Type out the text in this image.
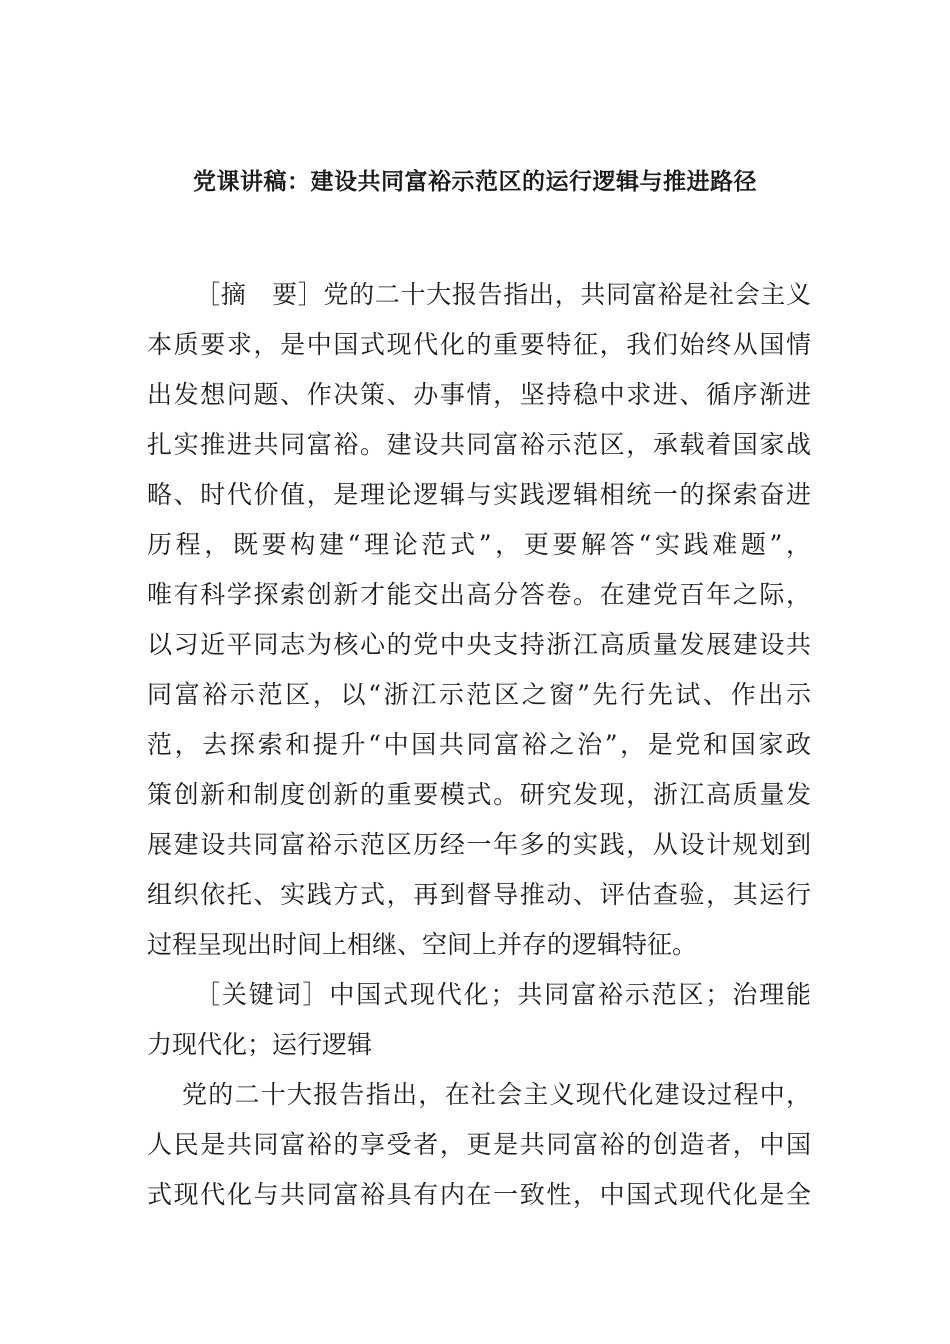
党课讲稿：建设共同富裕示范区的运行逻辑与推进路径
［摘　要］党的二十大报告指出，共同富裕是社会主义
本质要求，是中国式现代化的重要特征，我们始终从国情
出发想问题、作决策、办事情，坚持稳中求进、循序渐进
扎实推进共同富裕。建设共同富裕示范区，承载着国家战
略、时代价值，是理论逻辑与实践逻辑相统一的探索奋进
历程，既要构建“理论范式”，更要解答“实践难题”，
唯有科学探索创新才能交出高分答卷。在建党百年之际，
以习近平同志为核心的党中央支持浙江高质量发展建设共
同富裕示范区，以“浙江示范区之窗”先行先试、作出示
范，去探索和提升“中国共同富裕之治”，是党和国家政
策创新和制度创新的重要模式。研究发现，浙江高质量发
展建设共同富裕示范区历经一年多的实践，从设计规划到
组织依托、实践方式，再到督导推动、评估查验，其运行
过程呈现出时间上相继、空间上并存的逻辑特征。
［关键词］中国式现代化；共同富裕示范区；治理能
力现代化；运行逻辑
党的二十大报告指出，在社会主义现代化建设过程中，
人民是共同富裕的享受者，更是共同富裕的创造者，中国
式现代化与共同富裕具有内在一致性，中国式现代化是全
